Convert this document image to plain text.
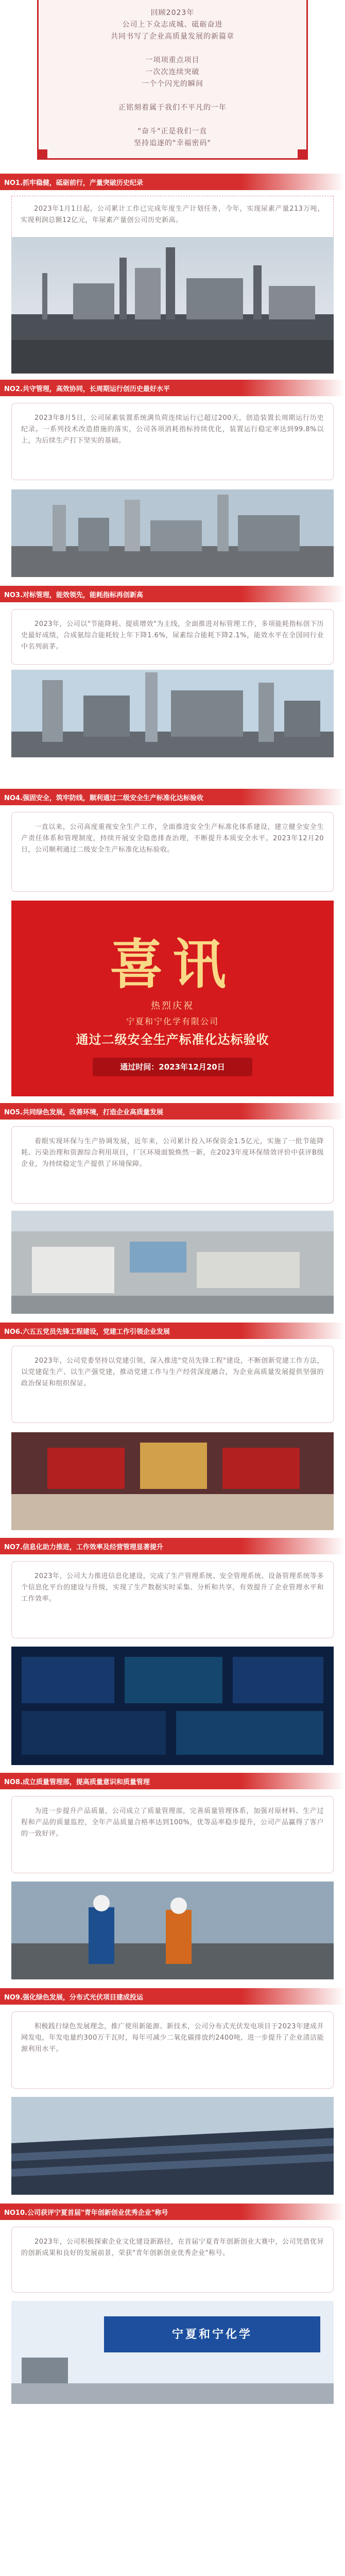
回顾2023年
公司上下众志成城、砥砺奋进
共同书写了企业高质量发展的新篇章
一项项重点项目
一次次连续突破
一个个闪光的瞬间
正铭刻着属于我们不平凡的一年
"奋斗"正是我们一直
坚持追逐的"幸福密码"
NO1.抓牢稳健，砥砺前行，产量突破历史纪录
2023年1月1日起，公司累计工作已完成年度生产计划任务，今年，实现尿素产量213万吨，实现利润总额12亿元，年尿素产量创公司历史新高。
NO2.共守管理，高效协同，长周期运行创历史最好水平
2023年8月5日，公司尿素装置系统满负荷连续运行已超过200天，创造装置长周期运行历史纪录。一系列技术改造措施的落实，公司各项消耗指标持续优化，装置运行稳定率达到99.8%以上，为后续生产打下坚实的基础。
NO3.对标管理，能效领先，能耗指标再创新高
2023年，公司以"节能降耗、提质增效"为主线，全面推进对标管理工作，多项能耗指标创下历史最好成绩，合成氨综合能耗较上年下降1.6%，尿素综合能耗下降2.1%，能效水平在全国同行业中名列前茅。
NO4.强固安全，筑牢防线，顺利通过二级安全生产标准化达标验收
一直以来，公司高度重视安全生产工作，全面推进安全生产标准化体系建设，建立健全安全生产责任体系和管理制度，持续开展安全隐患排查治理，不断提升本质安全水平。2023年12月20日，公司顺利通过二级安全生产标准化达标验收。
喜讯
热烈庆祝
宁夏和宁化学有限公司
通过二级安全生产标准化达标验收
通过时间：2023年12月20日
NO5.共同绿色发展，改善环境，打造企业高质量发展
着眼实现环保与生产协调发展，近年来，公司累计投入环保资金1.5亿元，实施了一批节能降耗、污染治理和资源综合利用项目，厂区环境面貌焕然一新，在2023年度环保绩效评价中获评B级企业，为持续稳定生产提供了环境保障。
NO6.六五五党员先锋工程建设，党建工作引领企业发展
2023年，公司党委坚持以党建引领，深入推进"党员先锋工程"建设，不断创新党建工作方法，以党建促生产、以生产强党建，推动党建工作与生产经营深度融合，为企业高质量发展提供坚强的政治保证和组织保证。
NO7.信息化助力推进，工作效率及经营管理显著提升
2023年，公司大力推进信息化建设，完成了生产管理系统、安全管理系统、设备管理系统等多个信息化平台的建设与升级，实现了生产数据实时采集、分析和共享，有效提升了企业管理水平和工作效率。
NO8.成立质量管理部，提高质量意识和质量管理
为进一步提升产品质量，公司成立了质量管理部，完善质量管理体系，加强对原材料、生产过程和产品的质量监控，全年产品质量合格率达到100%，优等品率稳步提升，公司产品赢得了客户的一致好评。
NO9.强化绿色发展，分布式光伏项目建成投运
积极践行绿色发展理念，推广使用新能源、新技术，公司分布式光伏发电项目于2023年建成并网发电，年发电量约300万千瓦时，每年可减少二氧化碳排放约2400吨，进一步提升了企业清洁能源利用水平。
NO10.公司获评宁夏首届"青年创新创业优秀企业"称号
2023年，公司积极探索企业文化建设新路径，在首届宁夏青年创新创业大赛中，公司凭借优异的创新成果和良好的发展前景，荣获"青年创新创业优秀企业"称号。
宁夏和宁化学
